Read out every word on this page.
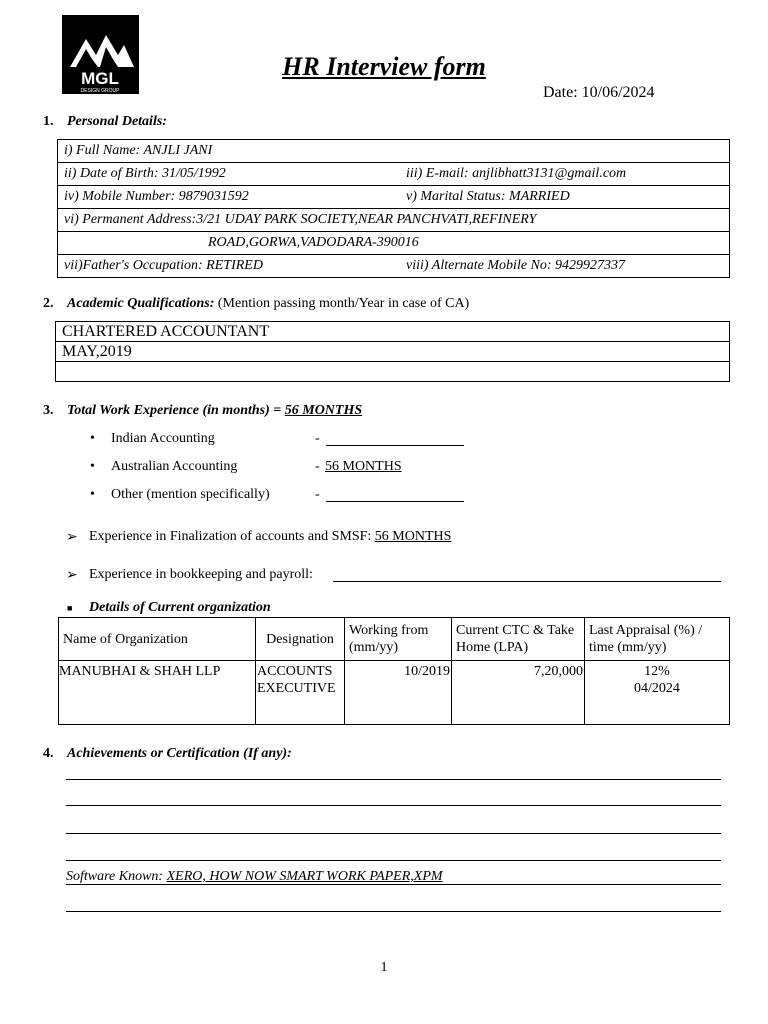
MGL
DESIGN GROUP
HR Interview form
Date: 10/06/2024
1. Personal Details:
i) Full Name: ANJLI JANI
ii) Date of Birth: 31/05/1992	iii) E-mail: anjlibhatt3131@gmail.com

iv) Mobile Number: 9879031592	v) Marital Status: MARRIED

vi) Permanent Address:3/21 UDAY PARK SOCIETY,NEAR PANCHVATI,REFINERY
ROAD,GORWA,VADODARA-390016
vii)Father's Occupation: RETIRED	viii) Alternate Mobile No: 9429927337
2. Academic Qualifications: (Mention passing month/Year in case of CA)
CHARTERED ACCOUNTANT
MAY,2019

3. Total Work Experience (in months) = 56 MONTHS
• Indian Accounting	-
• Australian Accounting	- 56 MONTHS
• Other (mention specifically)	-
➢ Experience in Finalization of accounts and SMSF: 56 MONTHS
➢ Experience in bookkeeping and payroll:
■ Details of Current organization
Name of Organization	Designation	Working from (mm/yy)	Current CTC & Take Home (LPA)	Last Appraisal (%) / time (mm/yy)
MANUBHAI & SHAH LLP	ACCOUNTS EXECUTIVE	10/2019	7,20,000	12%
04/2024
4. Achievements or Certification (If any):
Software Known: XERO, HOW NOW SMART WORK PAPER,XPM
1
